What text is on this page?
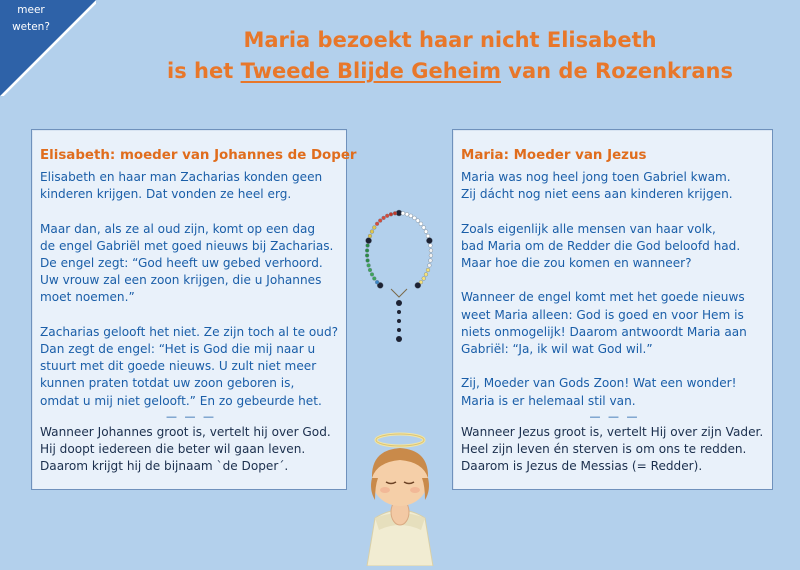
meer
weten?
Maria bezoekt haar nicht Elisabeth
is het Tweede Blijde Geheim van de Rozenkrans
Elisabeth: moeder van Johannes de Doper
Elisabeth en haar man Zacharias konden geen
kinderen krijgen. Dat vonden ze heel erg.
Maar dan, als ze al oud zijn, komt op een dag
de engel Gabriël met goed nieuws bij Zacharias.
De engel zegt: “God heeft uw gebed verhoord.
Uw vrouw zal een zoon krijgen, die u Johannes
moet noemen.”
Zacharias gelooft het niet. Ze zijn toch al te oud?
Dan zegt de engel: “Het is God die mij naar u
stuurt met dit goede nieuws. U zult niet meer
kunnen praten totdat uw zoon geboren is,
omdat u mij niet gelooft.” En zo gebeurde het.
— — —
Wanneer Johannes groot is, vertelt hij over God.
Hij doopt iedereen die beter wil gaan leven.
Daarom krijgt hij de bijnaam `de Doper´.
Maria: Moeder van Jezus
Maria was nog heel jong toen Gabriel kwam.
Zij dácht nog niet eens aan kinderen krijgen.
Zoals eigenlijk alle mensen van haar volk,
bad Maria om de Redder die God beloofd had.
Maar hoe die zou komen en wanneer?
Wanneer de engel komt met het goede nieuws
weet Maria alleen: God is goed en voor Hem is
niets onmogelijk! Daarom antwoordt Maria aan
Gabriël: “Ja, ik wil wat God wil.”
Zij, Moeder van Gods Zoon! Wat een wonder!
Maria is er helemaal stil van.
— — —
Wanneer Jezus groot is, vertelt Hij over zijn Vader.
Heel zijn leven én sterven is om ons te redden.
Daarom is Jezus de Messias (= Redder).
